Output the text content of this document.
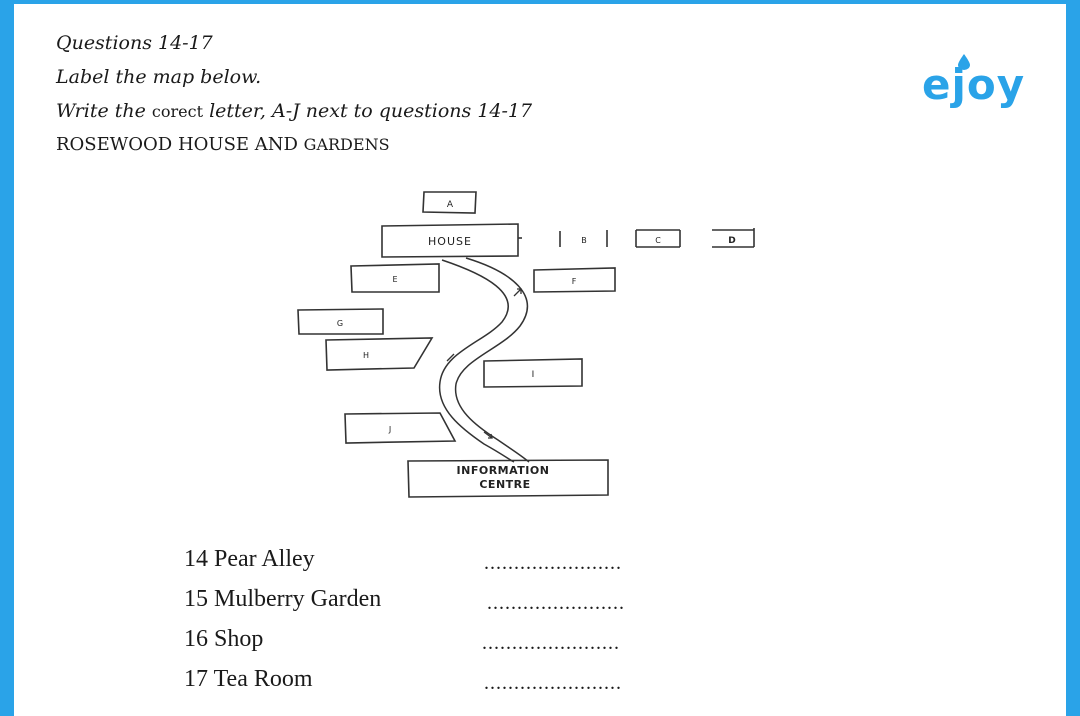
Questions 14-17
Label the map below.
Write the corect letter, A-J next to questions 14-17
ROSEWOOD HOUSE AND GARDENS
ejoy
A
HOUSE	B	C	D
E	F
G
H
I
J
INFORMATION
CENTRE
14 Pear Alley	.......................
15 Mulberry Garden	.......................
16 Shop	.......................
17 Tea Room	.......................
